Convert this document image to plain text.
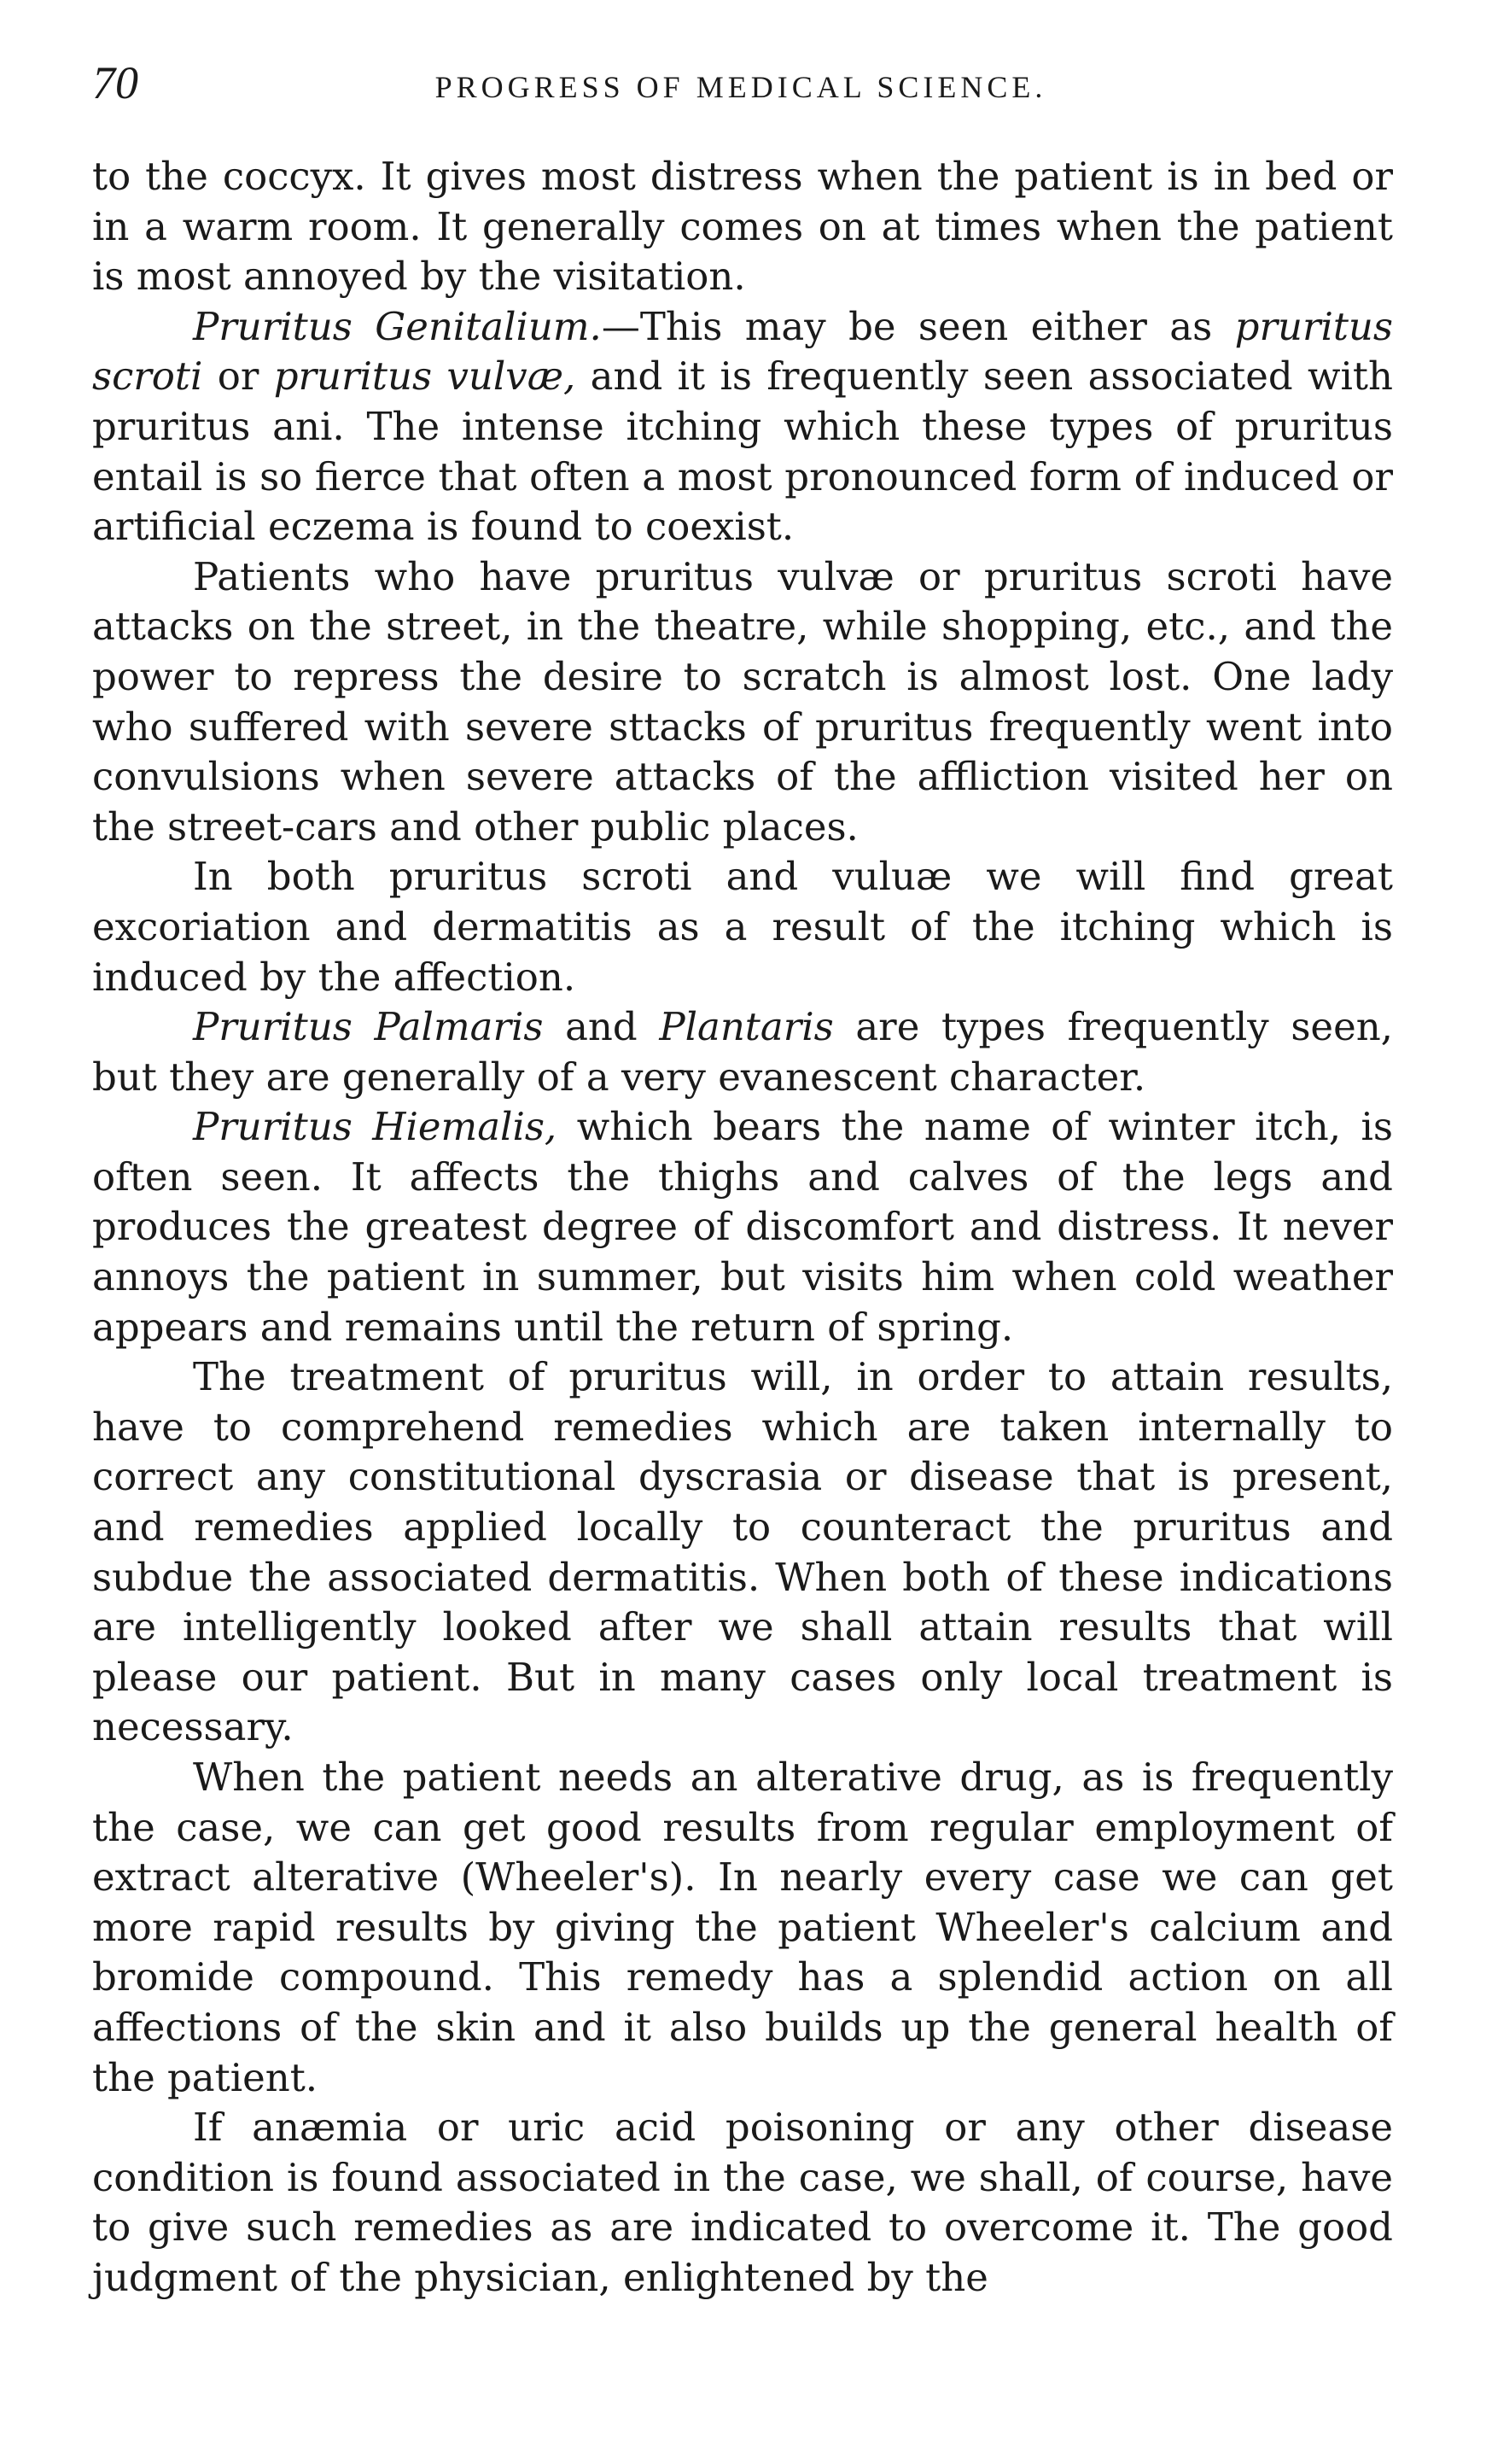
70	PROGRESS OF MEDICAL SCIENCE.

to the coccyx. It gives most distress when the patient is in bed or in a warm room. It generally comes on at times when the patient is most annoyed by the visitation.

Pruritus Genitalium.—This may be seen either as pruritus scroti or pruritus vulvæ, and it is frequently seen associated with pruritus ani. The intense itching which these types of pruritus entail is so fierce that often a most pronounced form of induced or artificial eczema is found to coexist.

Patients who have pruritus vulvæ or pruritus scroti have attacks on the street, in the theatre, while shopping, etc., and the power to repress the desire to scratch is almost lost. One lady who suffered with severe sttacks of pruritus frequently went into convulsions when severe attacks of the affliction visited her on the street-cars and other public places.

In both pruritus scroti and vuluæ we will find great excoriation and dermatitis as a result of the itching which is induced by the affection.

Pruritus Palmaris and Plantaris are types frequently seen, but they are generally of a very evanescent character.

Pruritus Hiemalis, which bears the name of winter itch, is often seen. It affects the thighs and calves of the legs and produces the greatest degree of discomfort and distress. It never annoys the patient in summer, but visits him when cold weather appears and remains until the return of spring.

The treatment of pruritus will, in order to attain results, have to comprehend remedies which are taken internally to correct any constitutional dyscrasia or disease that is present, and remedies applied locally to counteract the pruritus and subdue the associated dermatitis. When both of these indications are intelligently looked after we shall attain results that will please our patient. But in many cases only local treatment is necessary.

When the patient needs an alterative drug, as is frequently the case, we can get good results from regular employment of extract alterative (Wheeler's). In nearly every case we can get more rapid results by giving the patient Wheeler's calcium and bromide compound. This remedy has a splendid action on all affections of the skin and it also builds up the general health of the patient.

If anæmia or uric acid poisoning or any other disease condition is found associated in the case, we shall, of course, have to give such remedies as are indicated to overcome it. The good judgment of the physician, enlightened by the
